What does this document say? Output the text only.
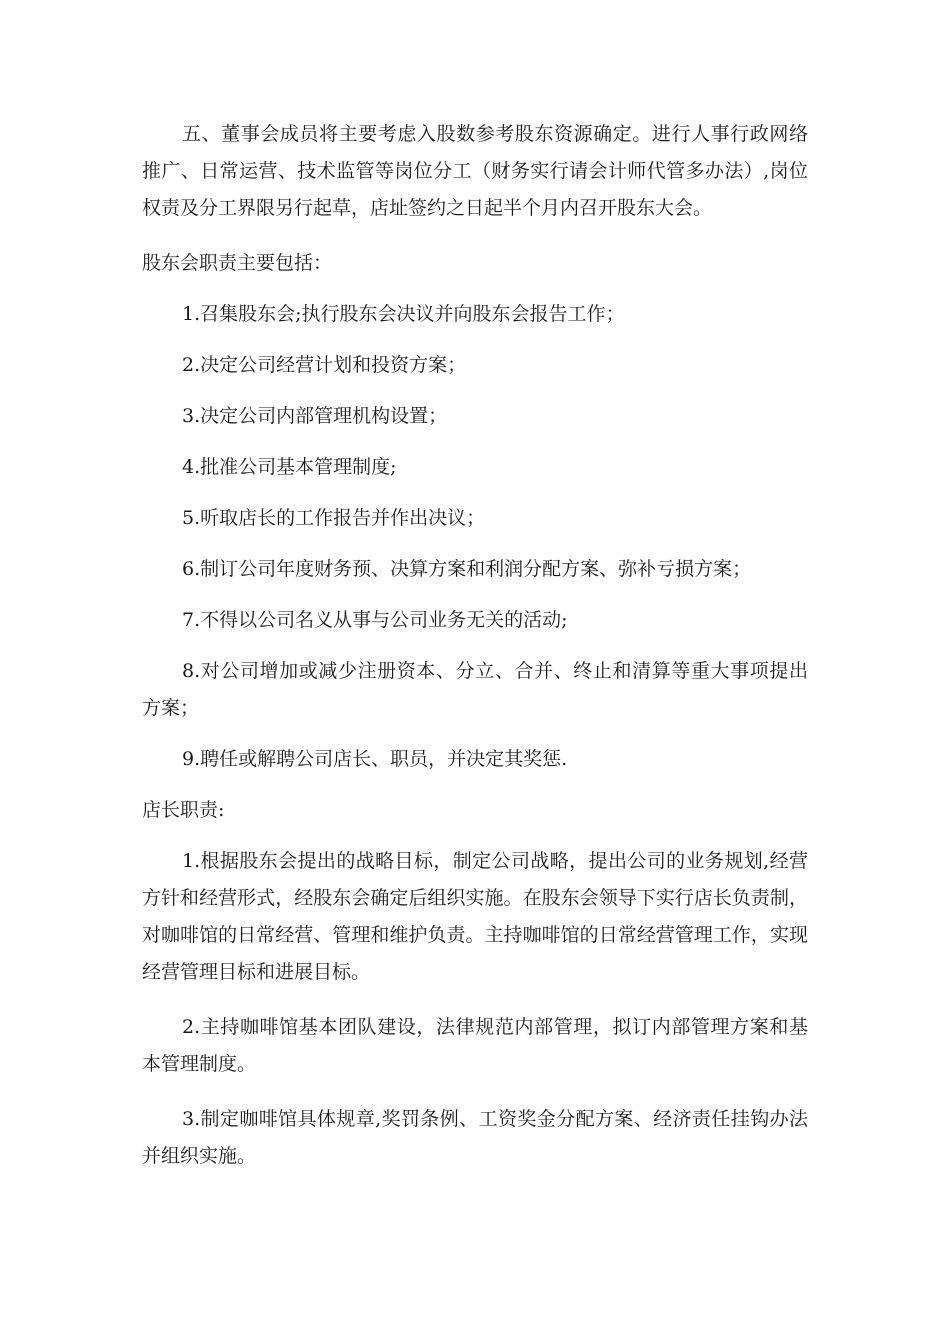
五、董事会成员将主要考虑入股数参考股东资源确定。进行人事行政网络推广、日常运营、技术监管等岗位分工（财务实行请会计师代管多办法）,岗位权责及分工界限另行起草，店址签约之日起半个月内召开股东大会。

股东会职责主要包括：

1.召集股东会;执行股东会决议并向股东会报告工作；

2.决定公司经营计划和投资方案；

3.决定公司内部管理机构设置；

4.批准公司基本管理制度;

5.听取店长的工作报告并作出决议；

6.制订公司年度财务预、决算方案和利润分配方案、弥补亏损方案；

7.不得以公司名义从事与公司业务无关的活动;

8.对公司增加或减少注册资本、分立、合并、终止和清算等重大事项提出方案；

9.聘任或解聘公司店长、职员，并决定其奖惩.

店长职责:

1.根据股东会提出的战略目标，制定公司战略，提出公司的业务规划,经营方针和经营形式，经股东会确定后组织实施。在股东会领导下实行店长负责制，对咖啡馆的日常经营、管理和维护负责。主持咖啡馆的日常经营管理工作，实现经营管理目标和进展目标。

2.主持咖啡馆基本团队建设，法律规范内部管理，拟订内部管理方案和基本管理制度。

3.制定咖啡馆具体规章,奖罚条例、工资奖金分配方案、经济责任挂钩办法并组织实施。
